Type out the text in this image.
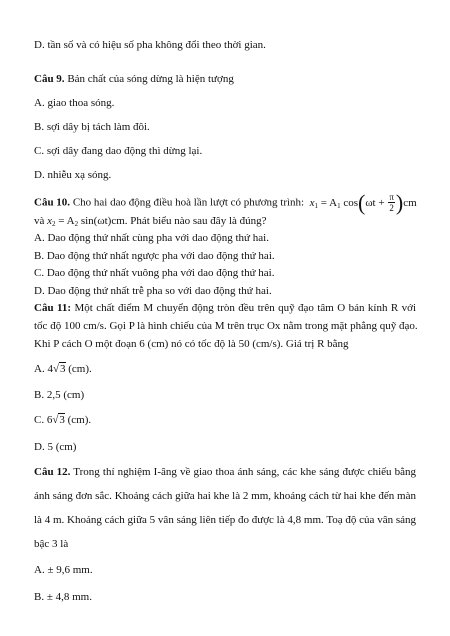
D. tần số và có hiệu số pha không đổi theo thời gian.
Câu 9. Bản chất của sóng dừng là hiện tượng
A. giao thoa sóng.
B. sợi dây bị tách làm đôi.
C. sợi dây đang dao động thì dừng lại.
D. nhiễu xạ sóng.
Câu 10. Cho hai dao động điều hoà lần lượt có phương trình: $x_1 = A_1$ $\cos(\omega t + \frac{\pi}{2} )cm$
và $x_2 = A_2$ sin(ωt)cm. Phát biểu nào sau đây là đúng?
A. Dao động thứ nhất cùng pha với dao động thứ hai.
B. Dao động thứ nhất ngược pha với dao động thứ hai.
C. Dao động thứ nhất vuông pha với dao động thứ hai.
D. Dao động thứ nhất trễ pha so với dao động thứ hai.
Câu 11: Một chất điểm M chuyển động tròn đều trên quỹ đạo tâm O bán kính R với
tốc độ 100 cm/s. Gọi P là hình chiếu của M trên trục Ox nằm trong mặt phẳng quỹ đạo.
Khi P cách O một đoạn 6 (cm) nó có tốc độ là 50 (cm/s). Giá trị R bằng
A. 4√3 (cm).
B. 2,5 (cm)
C. 6√3 (cm).
D. 5 (cm)
Câu 12. Trong thí nghiệm I-âng về giao thoa ánh sáng, các khe sáng được chiếu bằng
ánh sáng đơn sắc. Khoảng cách giữa hai khe là 2 mm, khoảng cách từ hai khe đến màn
là 4 m. Khoảng cách giữa 5 vân sáng liên tiếp đo được là 4,8 mm. Toạ độ của vân sáng
bậc 3 là
A. ± 9,6 mm.
B. ± 4,8 mm.
